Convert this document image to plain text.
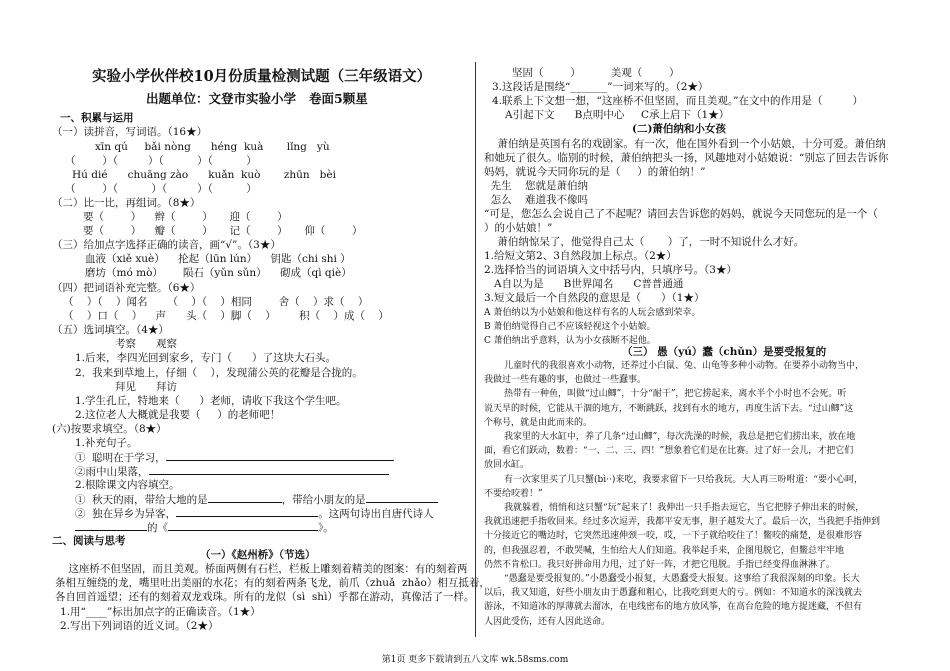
实验小学伙伴校10月份质量检测试题（三年级语文）
出题单位：文登市实验小学   卷面5颗星
一、积累与运用
（一）读拼音，写词语。（16★）
xīn qú     bǎi nòng      héng  kuà       lǐng   yù
（        ）（         ）（          ）（          ）
Hú dié      chuāng zào      kuǎn  kuò       zhūn   bèi
（        ）（          ）（         ）（          ）
（二）比一比，再组词。（8★）
要（        ）    辫（        ）     迎（        ）
要（        ）    瓣（        ）     记（        ）     仰（        ）
（三）给加点字选择正确的读音，画“√”。（3★）
血液（xiě xuè）    抡起（lūn lún）    钥匙（chi shi ）
磨坊（mó mò）      陨石（yǔn sǔn）    砌成（qì qiè）
（四）把词语补充完整。（6★）
（    ）（    ）闻名      （    ）（    ）相同        舍（    ）求（    ）
（    ）口（    ）    声      头（    ）脚（    ）       积（    ）成（    ）
（五）选词填空。（4★）
考察      观察
1.后来，李四光回到家乡，专门（      ）了这块大石头。
2．我来到草地上，仔细（    ），发现蒲公英的花瓣是合拢的。
拜见      拜访
1.学生孔丘，特地来（      ）老师，请收下我这个学生吧。
2.这位老人大概就是我要（     ）的老师吧！
(六)按要求填空。（8★）
1.补充句子。
①  聪明在于学习，
②雨中山果落，
2.根除课文内容填空。
①  秋天的雨，带给大地的是	，带给小朋友的是
②  独在异乡为异客，	。这两句诗出自唐代诗人
的《	》。
二、阅读与思考
（一）《赵州桥》（节选）
这座桥不但坚固，而且美观。桥面两侧有石栏，栏板上雕刻着精美的图案：有的刻着两
条相互缠绕的龙，嘴里吐出美丽的水花；有的刻着两条飞龙，前爪（zhuǎ  zhǎo）相互抵着，
各自回首遥望；还有的刻着双龙戏珠。所有的龙似（sì  shì）乎都在游动，真像活了一样。
1.用“____”标出加点字的正确读音。（1★）
2.写出下列词语的近义词。（2★）
坚固（        ）         美观（        ）
3.这段话是围绕“_______”一词来写的。（2★）
4.联系上下文想一想，“这座桥不但坚固，而且美观。”在文中的作用是（         ）
A引起下文      B点明中心     C承上启下（1★）
(二)萧伯纳和小女孩
萧伯纳是英国有名的戏剧家。有一次，他在国外看到一个小姑娘，十分可爱。萧伯纳
和她玩了很久。临别的时候，萧伯纳把头一扬，风趣地对小姑娘说：“别忘了回去告诉你
妈妈，就说今天同你玩的是（     ）的萧伯纳！”
先生    您就是萧伯纳
怎么    难道我不像吗
“可是，您怎么会说自己了不起呢？请回去告诉您的妈妈，就说今天同您玩的是一个（
）的小姑娘！”
萧伯纳惊呆了，他觉得自己太（       ）了，一时不知说什么才好。
1.给短文第2、3自然段加上标点。（2★）
2.选择恰当的词语填入文中括号内，只填序号。（3★）
A自以为是      B世界闻名      C普普通通
3.短文最后一个自然段的意思是（      ）（1★）
A 萧伯纳以为小姑娘和他这样有名的人玩会感到荣幸。
B 萧伯纳觉得自己不应该轻视这个小姑娘。
C 萧伯纳出乎意料，认为小女孩断不起他。
（三） 愚（yú）蠢（chǔn）是要受报复的
儿童时代的我很喜欢小动物，还养过小白鼠、兔、山龟等多种小动物。在要养小动物当中，
我做过一些有趣的事，也做过一些蠢事。
热带有一种鱼，叫做“过山鲫”，十分“耐干”，把它捞起来，离水半个小时也不会死。听
说天旱的时候，它能从干涸的地方，不断跳跃，找到有水的地方，再度生活下去。“过山鲫”这
个称号，就是由此而来的。
我家里的大水缸中，养了几条“过山鲫”，每次洗澡的时候，我总是把它们捞出来，放在地
面，看它们跃动，数着：“一、二、三、四！”想象着它们是在比赛。过了好一会儿，才把它们
放回水缸。
有一次家里买了几只蟹(bì··)来吃，我要求留下一只给我玩。大人再三吩咐道：“要小心呵，
不要给咬着！”
我就躲着，悄悄和这只蟹“玩”起来了！我伸出一只手指去逗它，当它把脖子伸出来的时候，
我就迅速把手指收回来。经过多次逗弄，我都平安无事，胆子越发大了。最后一次，当我把手指伸到
十分接近它的嘴边时，它突然迅速伸颈一咬，哎，一下子就给咬住了！鳖咬的痛楚，是很难形容
的，但我强忍着，不敢哭喊，生怕给大人们知道。我举起手来，企图甩脱它，但鳖总牢牢地
仍然不肯松口。我只好拼命用力甩，过了好一阵，才把它甩脱。手指已经变得血淋淋了。
“愚蠢是要受报复的。”小愚蠢受小报复，大愚蠢受大报复。这事给了我很深刻的印象。长大
以后，我又知道，好些小朋友由于愚蠢和粗心，比我吃到更大的亏。例如：不知道水的深浅就去
游泳，不知道冰的厚薄就去溜冰，在电线密布的地方放风筝，在高台危险的地方捉迷藏，不但有
人因此受伤，还有人因此送命。
第1页 更多下载请到五八文库 wk.58sms.com
